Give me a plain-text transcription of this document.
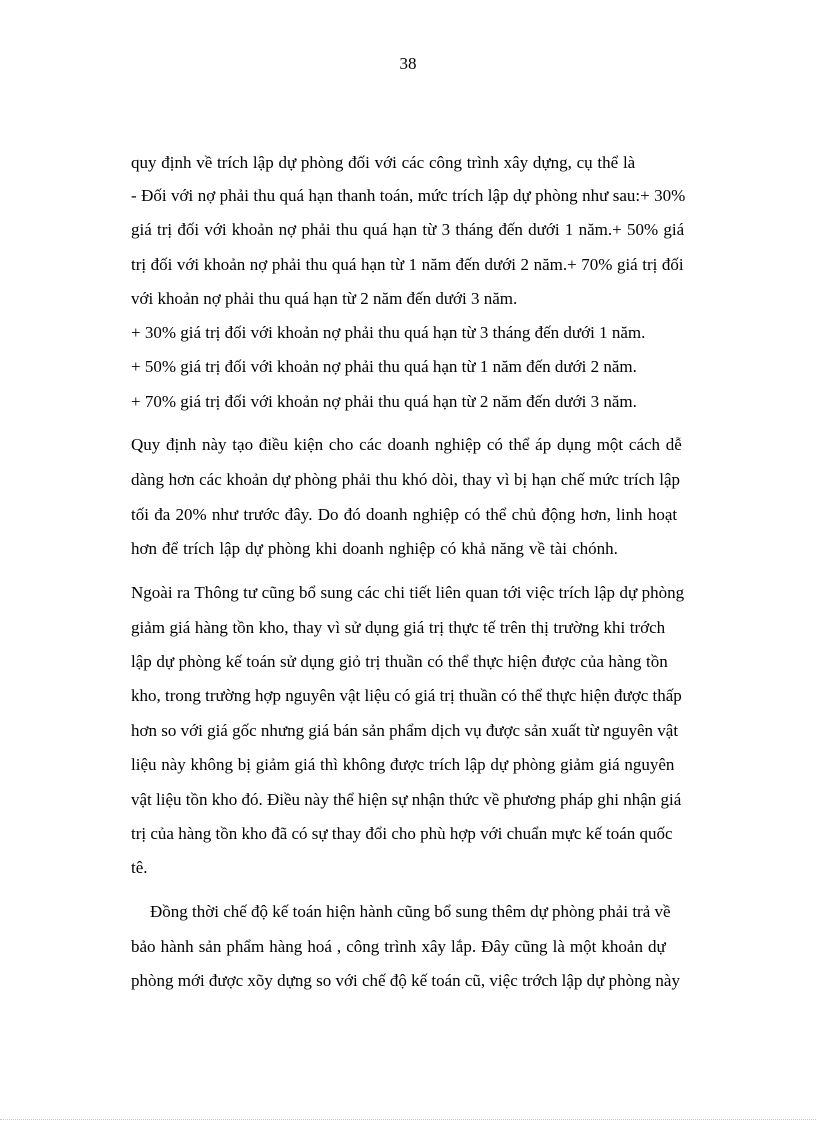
38
quy định về trích lập dự phòng đối với các công trình xây dựng, cụ thể là
- Đối với nợ phải thu quá hạn thanh toán, mức trích lập dự phòng như sau:+ 30%
giá trị đối với khoản nợ phải thu quá hạn từ 3 tháng đến dưới 1 năm.+ 50% giá
trị đối với khoản nợ phải thu quá hạn từ 1 năm đến dưới 2 năm.+ 70% giá trị đối
với khoản nợ phải thu quá hạn từ 2 năm đến dưới 3 năm.
+ 30% giá trị đối với khoản nợ phải thu quá hạn từ 3 tháng đến dưới 1 năm.
+ 50% giá trị đối với khoản nợ phải thu quá hạn từ 1 năm đến dưới 2 năm.
+ 70% giá trị đối với khoản nợ phải thu quá hạn từ 2 năm đến dưới 3 năm.
Quy định này tạo điều kiện cho các doanh nghiệp có thể áp dụng một cách dễ
dàng hơn các khoản dự phòng phải thu khó dòi, thay vì bị hạn chế mức trích lập
tối đa 20% như trước đây. Do đó doanh nghiệp có thể chủ động hơn, linh hoạt
hơn để trích lập dự phòng khi doanh nghiệp có khả năng về tài chónh.
Ngoài ra Thông tư cũng bổ sung các chi tiết liên quan tới việc trích lập dự phòng
giảm giá hàng tồn kho, thay vì sử dụng giá trị thực tế trên thị trường khi trớch
lập dự phòng kế toán sử dụng giỏ trị thuần có thể thực hiện được của hàng tồn
kho, trong trường hợp nguyên vật liệu có giá trị thuần có thể thực hiện được thấp
hơn so với giá gốc nhưng giá bán sản phẩm dịch vụ được sản xuất từ nguyên vật
liệu này không bị giảm giá thì không được trích lập dự phòng giảm giá nguyên
vật liệu tồn kho đó. Điều này thể hiện sự nhận thức về phương pháp ghi nhận giá
trị của hàng tồn kho đã có sự thay đổi cho phù hợp với chuẩn mực kế toán quốc
tê.
Đồng thời chế độ kế toán hiện hành cũng bổ sung thêm dự phòng phải trả về
bảo hành sản phẩm hàng hoá , công trình xây lắp. Đây cũng là một khoản dự
phòng mới được xõy dựng so với chế độ kế toán cũ, việc trớch lập dự phòng này
